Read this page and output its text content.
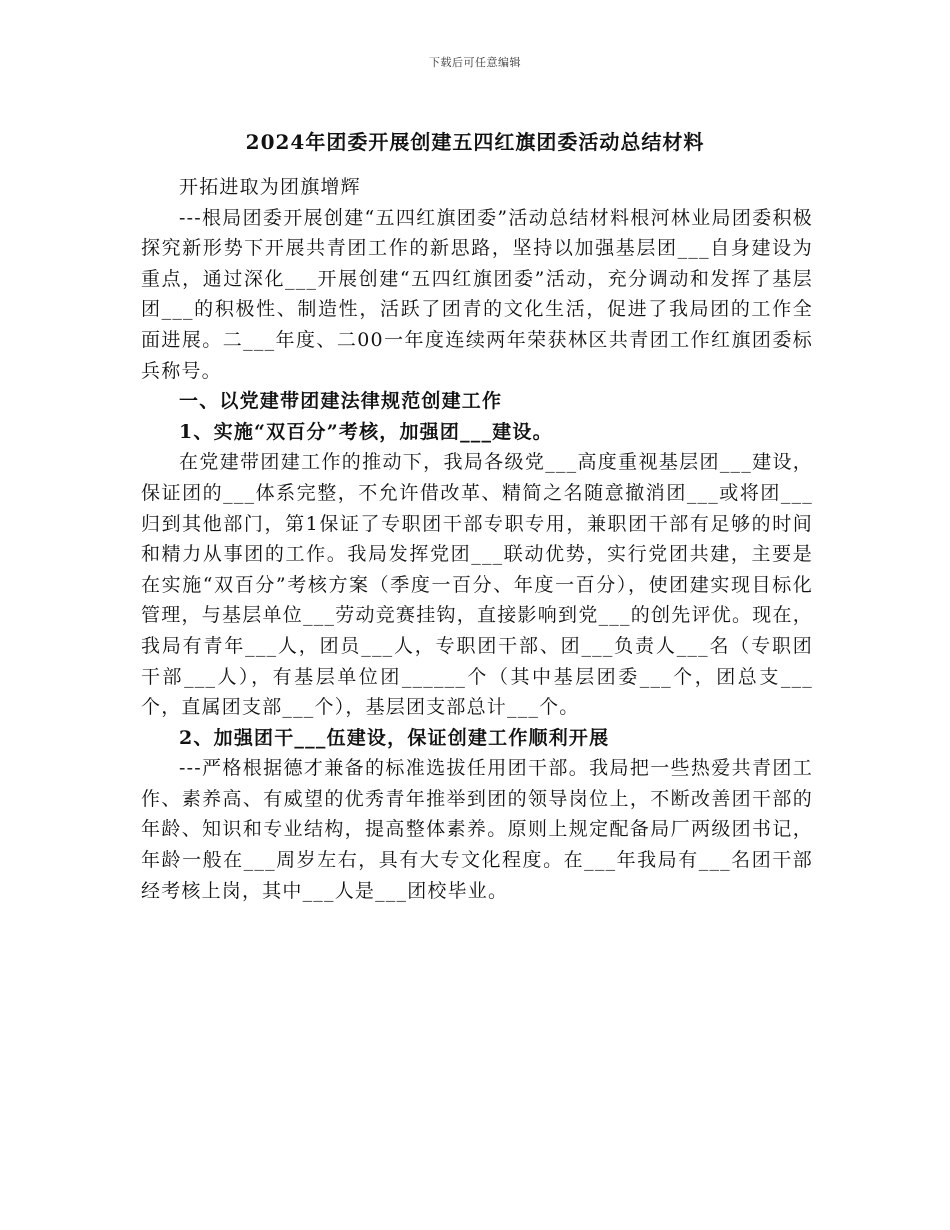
下载后可任意编辑
2024年团委开展创建五四红旗团委活动总结材料

开拓进取为团旗增辉

---根局团委开展创建“五四红旗团委”活动总结材料根河林业局团委积极探究新形势下开展共青团工作的新思路，坚持以加强基层团___自身建设为重点，通过深化___开展创建“五四红旗团委”活动，充分调动和发挥了基层团___的积极性、制造性，活跃了团青的文化生活，促进了我局团的工作全面进展。二___年度、二00一年度连续两年荣获林区共青团工作红旗团委标兵称号。

一、以党建带团建法律规范创建工作

1、实施“双百分”考核，加强团___建设。

在党建带团建工作的推动下，我局各级党___高度重视基层团___建设，保证团的___体系完整，不允许借改革、精简之名随意撤消团___或将团___归到其他部门，第1保证了专职团干部专职专用，兼职团干部有足够的时间和精力从事团的工作。我局发挥党团___联动优势，实行党团共建，主要是在实施“双百分”考核方案（季度一百分、年度一百分），使团建实现目标化管理，与基层单位___劳动竞赛挂钩，直接影响到党___的创先评优。现在，我局有青年___人，团员___人，专职团干部、团___负责人___名（专职团干部___人），有基层单位团______个（其中基层团委___个，团总支___个，直属团支部___个），基层团支部总计___个。

2、加强团干___伍建设，保证创建工作顺利开展

---严格根据德才兼备的标准选拔任用团干部。我局把一些热爱共青团工作、素养高、有威望的优秀青年推举到团的领导岗位上，不断改善团干部的年龄、知识和专业结构，提高整体素养。原则上规定配备局厂两级团书记，年龄一般在___周岁左右，具有大专文化程度。在___年我局有___名团干部经考核上岗，其中___人是___团校毕业。
